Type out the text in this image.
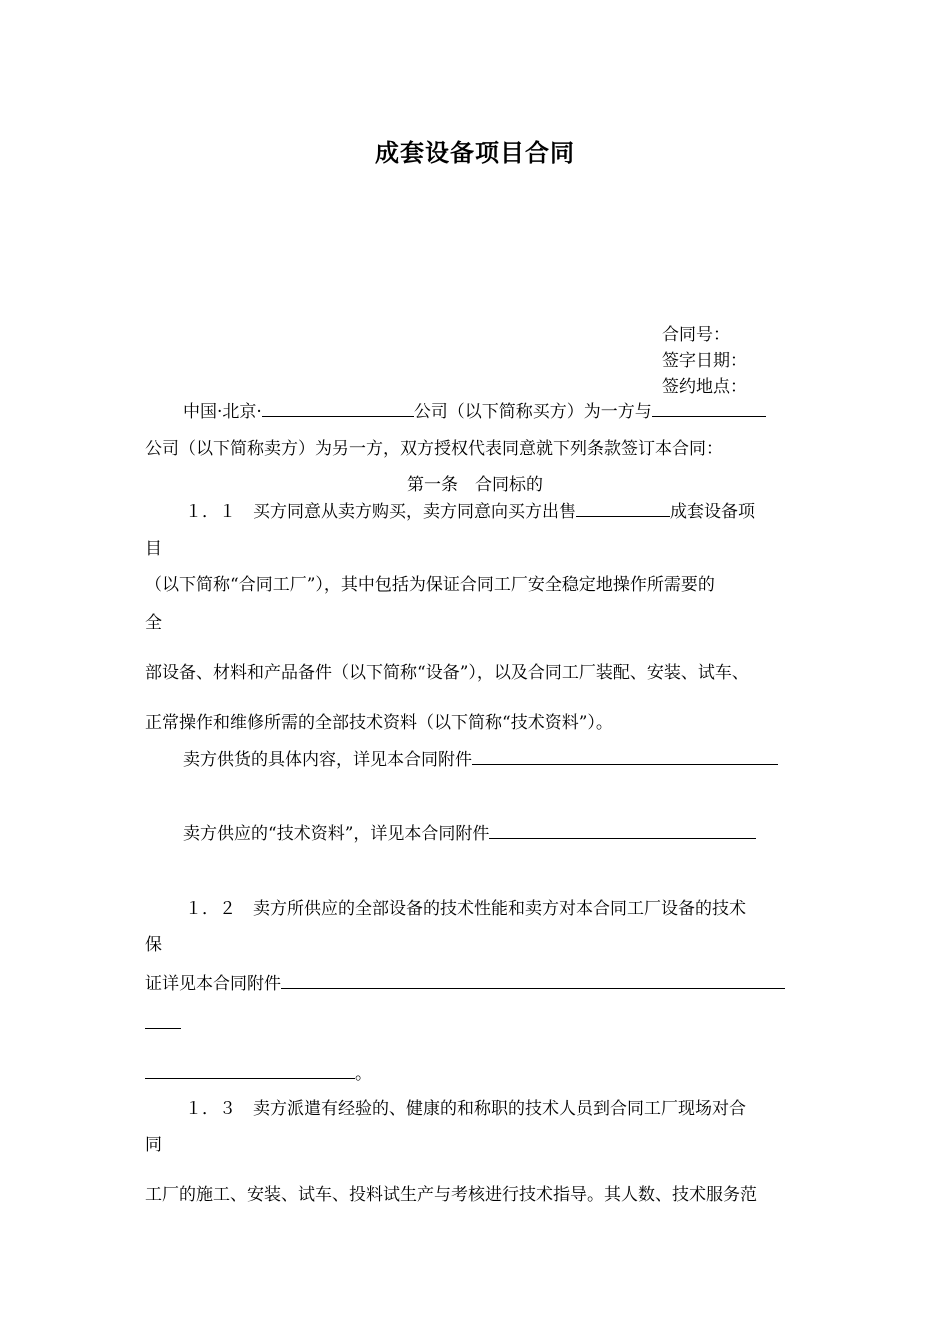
成套设备项目合同
合同号：
签字日期：
签约地点：
中国·北京·	公司（以下简称买方）为一方与
公司（以下简称卖方）为另一方，双方授权代表同意就下列条款签订本合同：
第一条　合同标的
１．１　买方同意从卖方购买，卖方同意向买方出售	成套设备项
目
（以下简称“合同工厂”），其中包括为保证合同工厂安全稳定地操作所需要的
全
部设备、材料和产品备件（以下简称“设备”），以及合同工厂装配、安装、试车、
正常操作和维修所需的全部技术资料（以下简称“技术资料”）。
卖方供货的具体内容，详见本合同附件
卖方供应的“技术资料”，详见本合同附件
１．２　卖方所供应的全部设备的技术性能和卖方对本合同工厂设备的技术
保
证详见本合同附件
。
１．３　卖方派遣有经验的、健康的和称职的技术人员到合同工厂现场对合
同
工厂的施工、安装、试车、投料试生产与考核进行技术指导。其人数、技术服务范
